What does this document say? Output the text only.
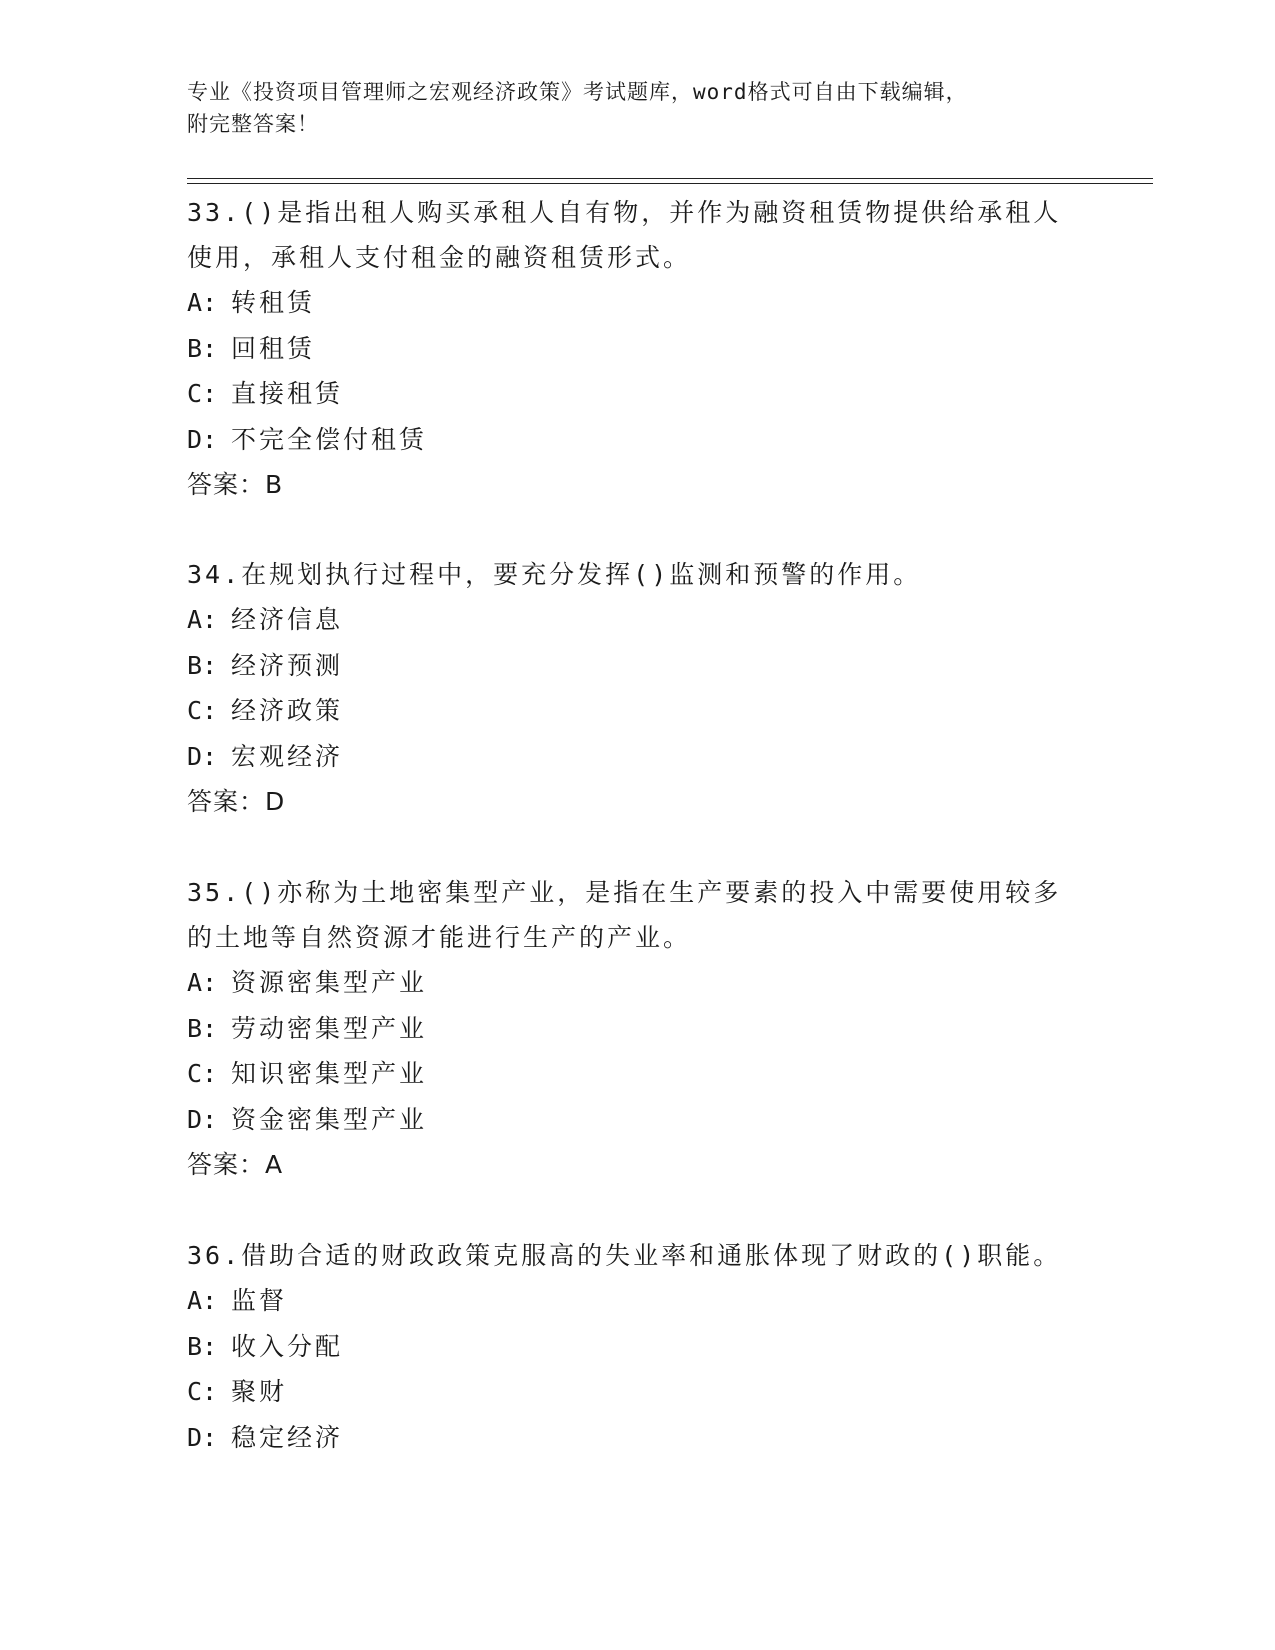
专业《投资项目管理师之宏观经济政策》考试题库，word格式可自由下载编辑，
附完整答案！
33.()是指出租人购买承租人自有物，并作为融资租赁物提供给承租人
使用，承租人支付租金的融资租赁形式。
A: 转租赁
B: 回租赁
C: 直接租赁
D: 不完全偿付租赁
答案：B
34.在规划执行过程中，要充分发挥()监测和预警的作用。
A: 经济信息
B: 经济预测
C: 经济政策
D: 宏观经济
答案：D
35.()亦称为土地密集型产业，是指在生产要素的投入中需要使用较多
的土地等自然资源才能进行生产的产业。
A: 资源密集型产业
B: 劳动密集型产业
C: 知识密集型产业
D: 资金密集型产业
答案：A
36.借助合适的财政政策克服高的失业率和通胀体现了财政的()职能。
A: 监督
B: 收入分配
C: 聚财
D: 稳定经济
